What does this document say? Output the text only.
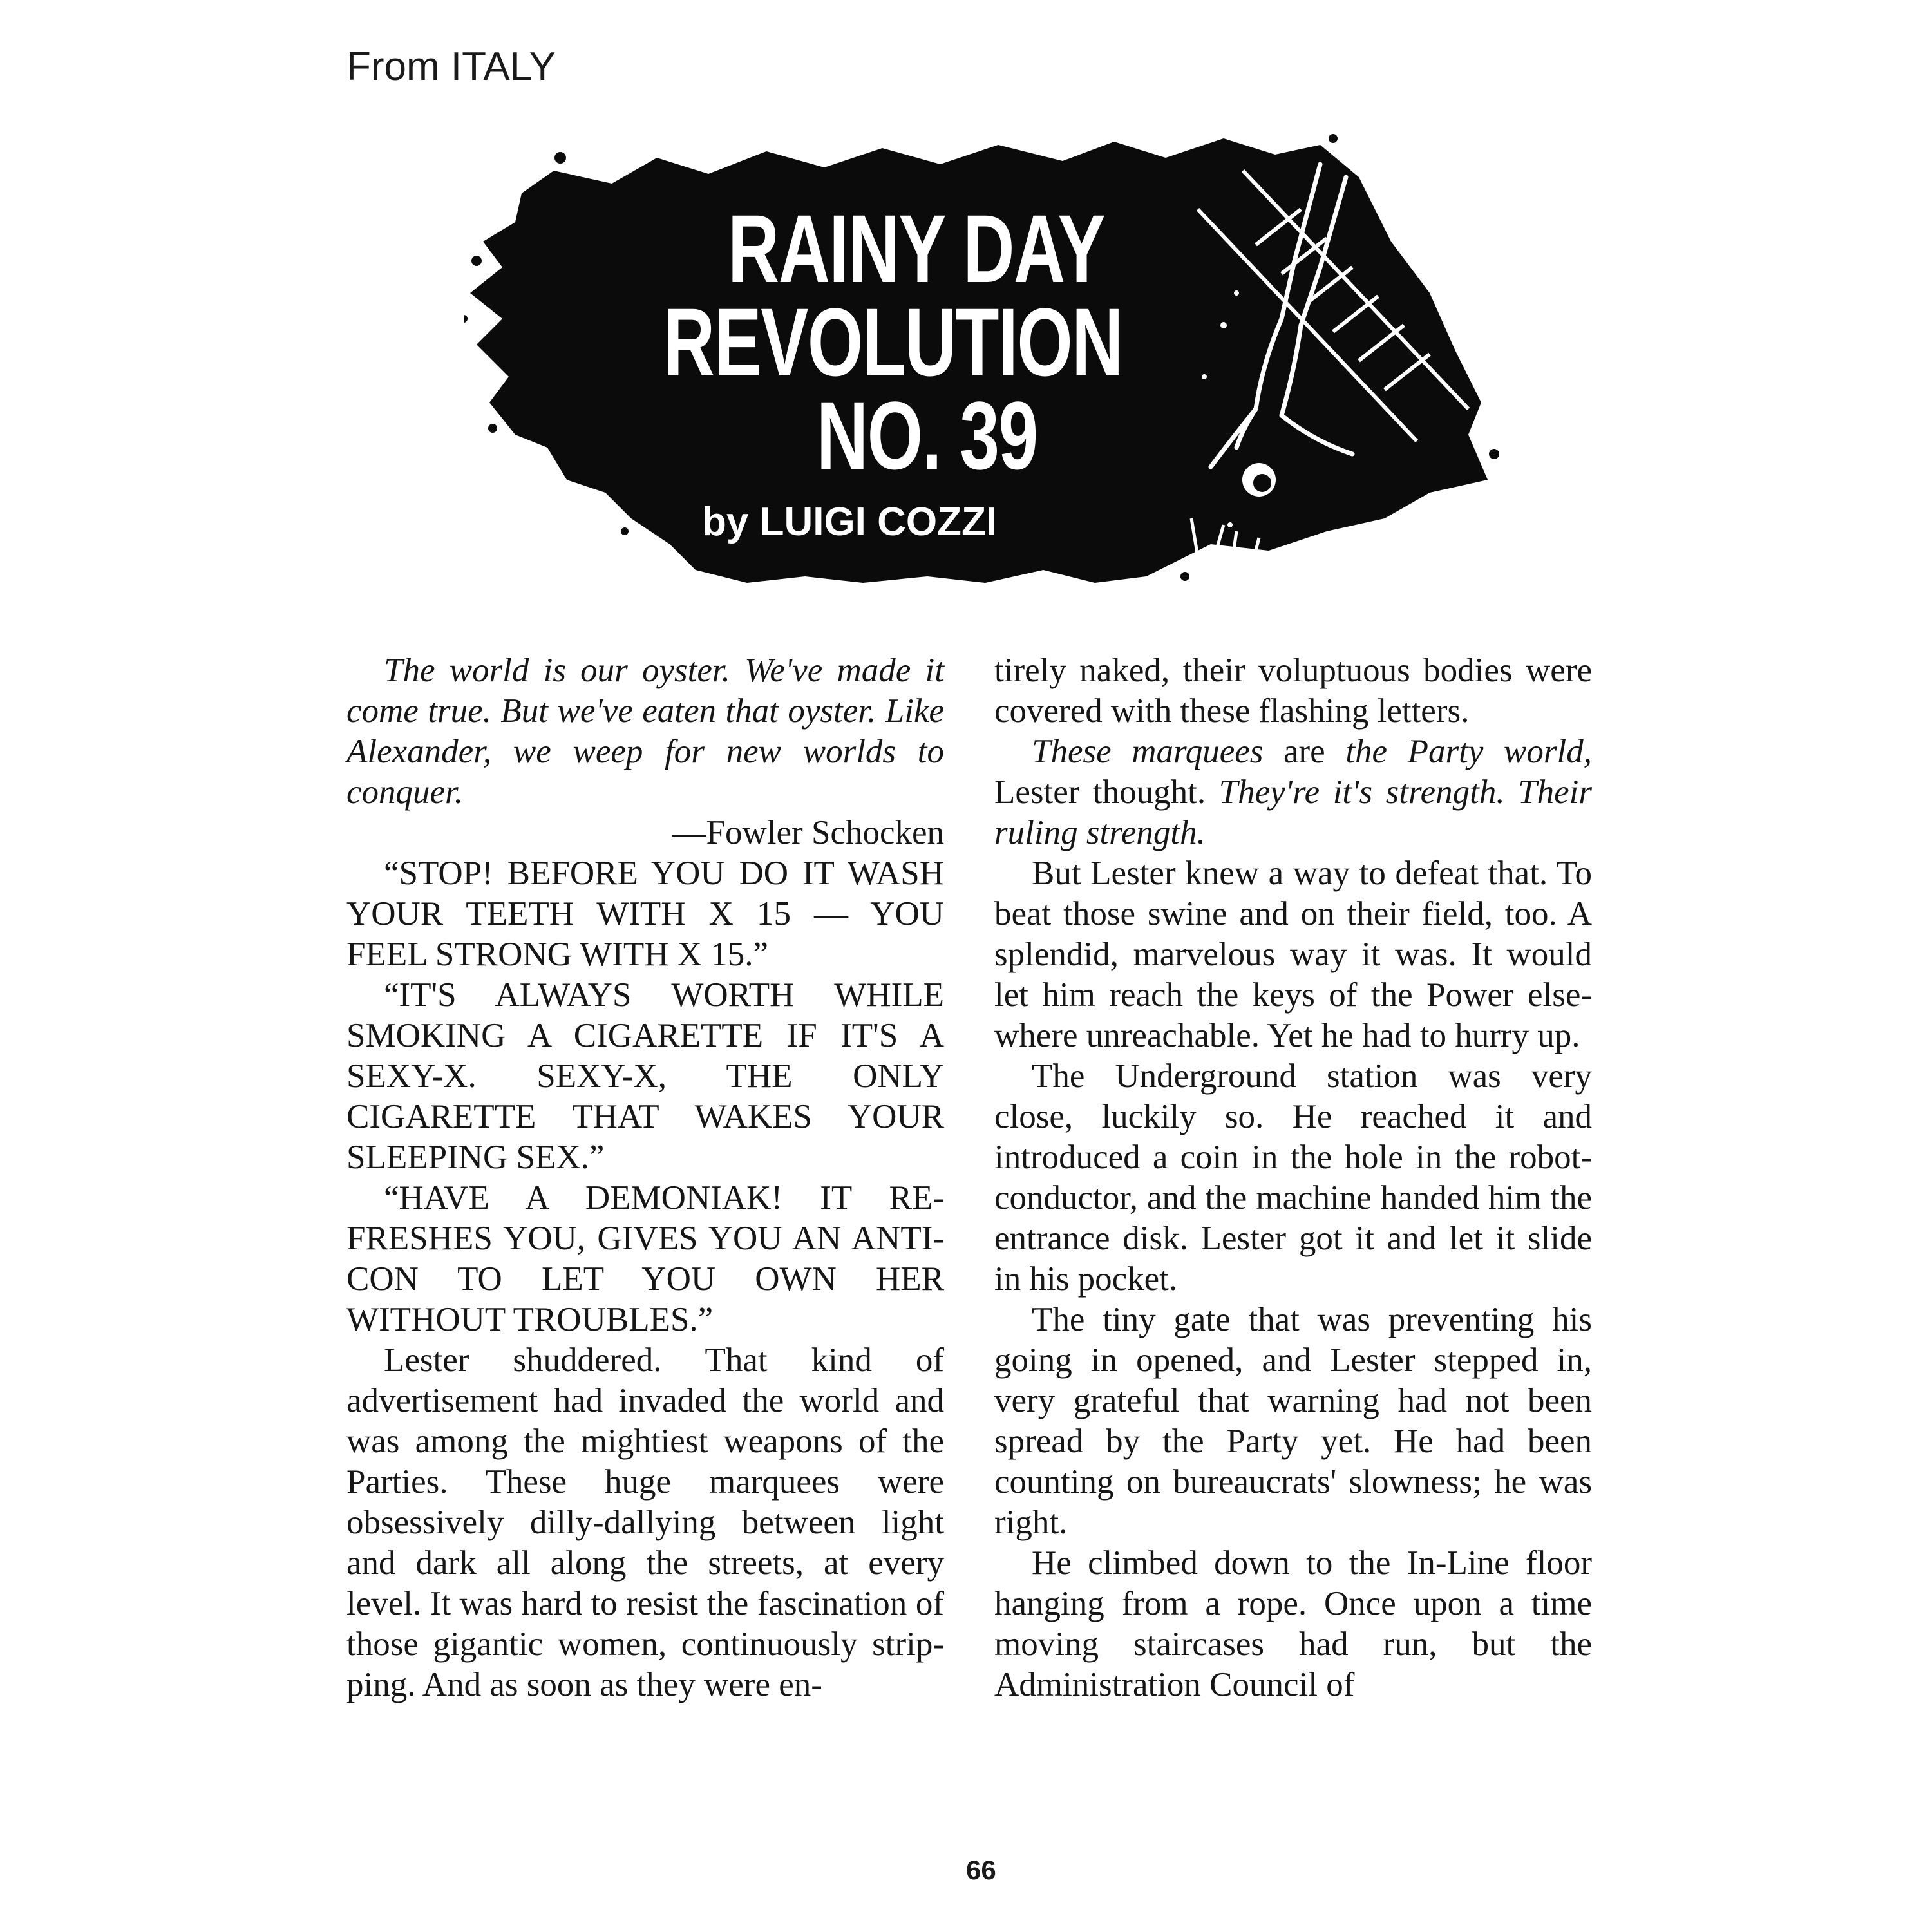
From ITALY

RAINY DAY
REVOLUTION
NO. 39

by LUIGI COZZI

The world is our oyster. We've made it come true. But we've eaten that oyster. Like Alexander, we weep for new worlds to conquer.

—Fowler Schocken

“STOP! BEFORE YOU DO IT WASH YOUR TEETH WITH X 15 — YOU FEEL STRONG WITH X 15.”

“IT'S ALWAYS WORTH WHILE SMOKING A CIGARETTE IF IT'S A SEXY-X. SEXY-X, THE ONLY CIGARETTE THAT WAKES YOUR SLEEPING SEX.”

“HAVE A DEMONIAK! IT REFRESHES YOU, GIVES YOU AN ANTI-CON TO LET YOU OWN HER WITHOUT TROUBLES.”

Lester shuddered. That kind of advertisement had invaded the world and was among the mightiest weapons of the Parties. These huge marquees were obsessively dilly-dallying between light and dark all along the streets, at every level. It was hard to resist the fascination of those gigantic women, continuously stripping. And as soon as they were en-

tirely naked, their voluptuous bodies were covered with these flashing letters.

These marquees are the Party world, Lester thought. They're it's strength. Their ruling strength.

But Lester knew a way to defeat that. To beat those swine and on their field, too. A splendid, marvelous way it was. It would let him reach the keys of the Power elsewhere unreachable. Yet he had to hurry up.

The Underground station was very close, luckily so. He reached it and introduced a coin in the hole in the robot-conductor, and the machine handed him the entrance disk. Lester got it and let it slide in his pocket.

The tiny gate that was preventing his going in opened, and Lester stepped in, very grateful that warning had not been spread by the Party yet. He had been counting on bureaucrats' slowness; he was right.

He climbed down to the In-Line floor hanging from a rope. Once upon a time moving staircases had run, but the Administration Council of

66
